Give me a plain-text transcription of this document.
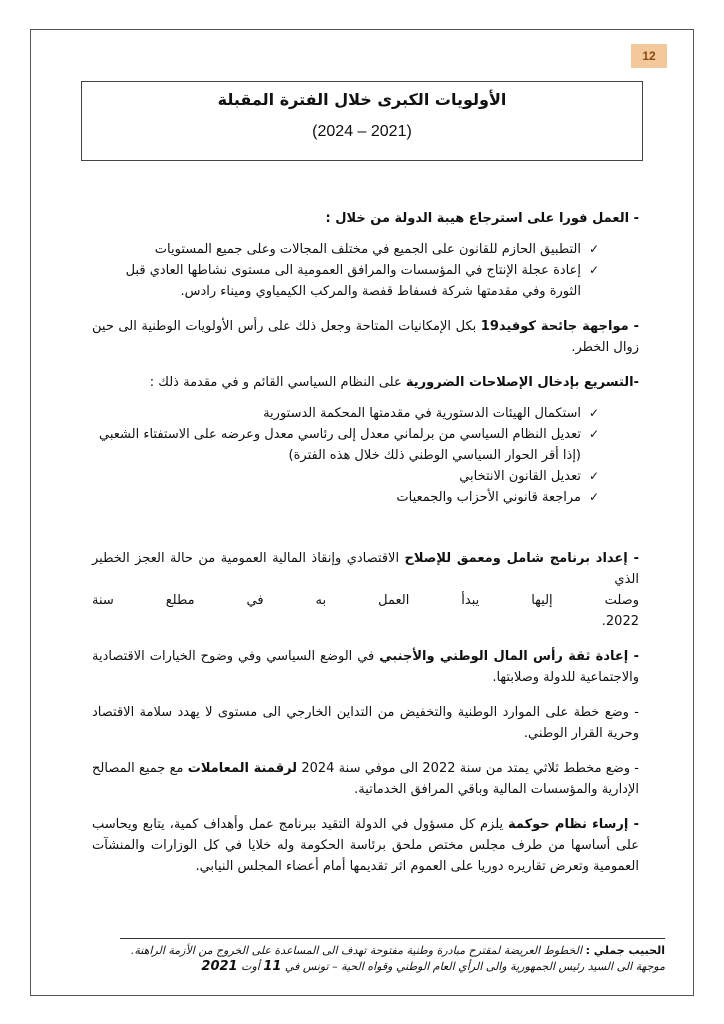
12
الأولويات الكبرى خلال الفترة المقبلة
(2024 – 2021)

- العمل فورا على استرجاع هيبة الدولة من خلال :

✓
التطبيق الحازم للقانون على الجميع في مختلف المجالات وعلى جميع المستويات
✓
إعادة عجلة الإنتاج في المؤسسات والمرافق العمومية الى مستوى نشاطها العادي قبل الثورة وفي مقدمتها شركة فسفاط قفصة والمركب الكيمياوي وميناء رادس.

- مواجهة جائحة كوفيد19 بكل الإمكانيات المتاحة وجعل ذلك على رأس الأولويات الوطنية الى حين زوال الخطر.

-التسريع بإدخال الإصلاحات الضرورية على النظام السياسي القائم و في مقدمة ذلك :

✓
استكمال الهيئات الدستورية في مقدمتها المحكمة الدستورية
✓
تعديل النظام السياسي من برلماني معدل إلى رئاسي معدل وعرضه على الاستفتاء الشعبي (إذا أقر الحوار السياسي الوطني ذلك خلال هذه الفترة)
✓
تعديل القانون الانتخابي
✓
مراجعة قانوني الأحزاب والجمعيات

- إعداد برنامج شامل ومعمق للإصلاح الاقتصادي وإنقاذ المالية العمومية من حالة العجز الخطير الذي

وصلت إليها يبدأ العمل به في مطلع سنة

2022.

- إعادة ثقة رأس المال الوطني والأجنبي في الوضع السياسي وفي وضوح الخيارات الاقتصادية والاجتماعية للدولة وصلابتها.

- وضع خطة على الموارد الوطنية والتخفيض من التداين الخارجي الى مستوى لا يهدد سلامة الاقتصاد وحرية القرار الوطني.

- وضع مخطط ثلاثي يمتد من سنة 2022 الى موفي سنة 2024 لرقمنة المعاملات مع جميع المصالح الإدارية والمؤسسات المالية وباقي المرافق الخدماتية.

- إرساء نظام حوكمة يلزم كل مسؤول في الدولة التقيد ببرنامج عمل وأهداف كمية، يتابع ويحاسب على أساسها من طرف مجلس مختص ملحق برئاسة الحكومة وله خلايا في كل الوزارات والمنشآت العمومية وتعرض تقاريره دوريا على العموم اثر تقديمها أمام أعضاء المجلس النيابي.

الحبيب جملي : الخطوط العريضة لمقترح مبادرة وطنية مفتوحة تهدف الى المساعدة على الخروج من الأزمة الراهنة.
موجهة الى السيد رئيس الجمهورية والى الرأي العام الوطني وقواه الحية – تونس في 11 أوت 2021
